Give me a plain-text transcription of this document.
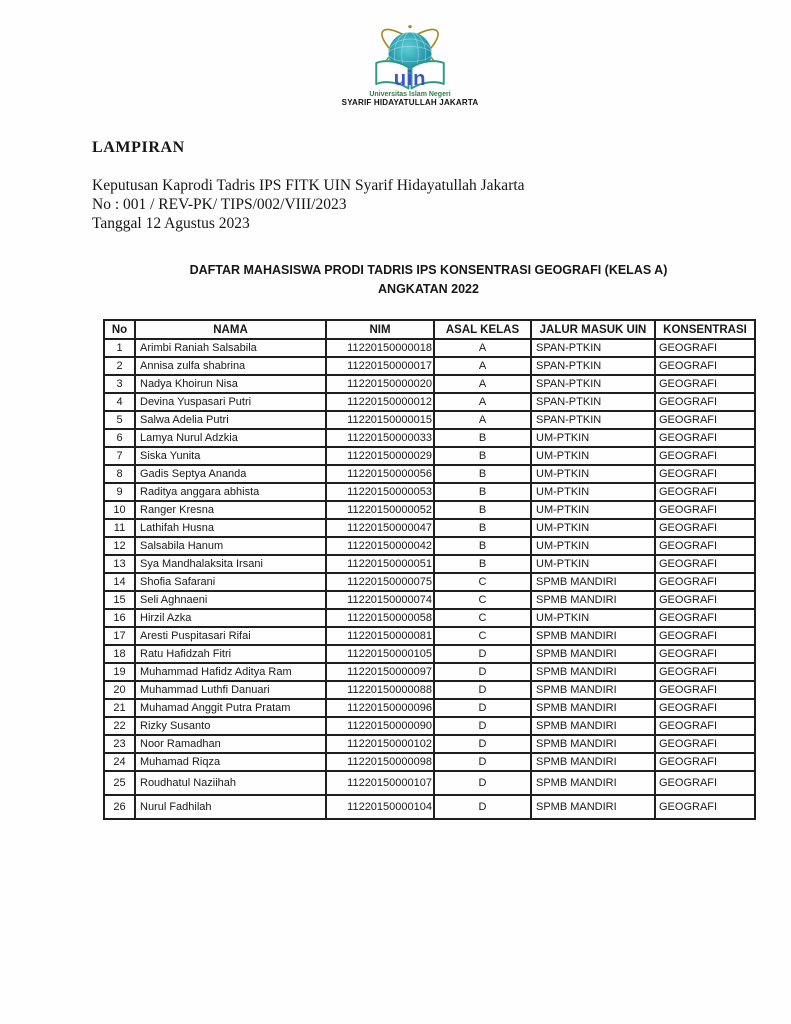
uin
Universitas Islam Negeri
SYARIF HIDAYATULLAH JAKARTA
LAMPIRAN
Keputusan Kaprodi Tadris IPS FITK UIN Syarif Hidayatullah Jakarta
No : 001 / REV-PK/ TIPS/002/VIII/2023
Tanggal 12 Agustus 2023
DAFTAR MAHASISWA PRODI TADRIS IPS KONSENTRASI GEOGRAFI (KELAS A)
ANGKATAN 2022
No	NAMA	NIM	ASAL KELAS	JALUR MASUK UIN	KONSENTRASI
1	Arimbi Raniah Salsabila	11220150000018	A	SPAN-PTKIN	GEOGRAFI
2	Annisa zulfa shabrina	11220150000017	A	SPAN-PTKIN	GEOGRAFI
3	Nadya Khoirun Nisa	11220150000020	A	SPAN-PTKIN	GEOGRAFI
4	Devina Yuspasari Putri	11220150000012	A	SPAN-PTKIN	GEOGRAFI
5	Salwa Adelia Putri	11220150000015	A	SPAN-PTKIN	GEOGRAFI
6	Lamya Nurul Adzkia	11220150000033	B	UM-PTKIN	GEOGRAFI
7	Siska Yunita	11220150000029	B	UM-PTKIN	GEOGRAFI
8	Gadis Septya Ananda	11220150000056	B	UM-PTKIN	GEOGRAFI
9	Raditya anggara abhista	11220150000053	B	UM-PTKIN	GEOGRAFI
10	Ranger Kresna	11220150000052	B	UM-PTKIN	GEOGRAFI
11	Lathifah Husna	11220150000047	B	UM-PTKIN	GEOGRAFI
12	Salsabila Hanum	11220150000042	B	UM-PTKIN	GEOGRAFI
13	Sya Mandhalaksita Irsani	11220150000051	B	UM-PTKIN	GEOGRAFI
14	Shofia Safarani	11220150000075	C	SPMB MANDIRI	GEOGRAFI
15	Seli Aghnaeni	11220150000074	C	SPMB MANDIRI	GEOGRAFI
16	Hirzil Azka	11220150000058	C	UM-PTKIN	GEOGRAFI
17	Aresti Puspitasari Rifai	11220150000081	C	SPMB MANDIRI	GEOGRAFI
18	Ratu Hafidzah Fitri	11220150000105	D	SPMB MANDIRI	GEOGRAFI
19	Muhammad Hafidz Aditya Ram	11220150000097	D	SPMB MANDIRI	GEOGRAFI
20	Muhammad Luthfi Danuari	11220150000088	D	SPMB MANDIRI	GEOGRAFI
21	Muhamad Anggit Putra Pratam	11220150000096	D	SPMB MANDIRI	GEOGRAFI
22	Rizky Susanto	11220150000090	D	SPMB MANDIRI	GEOGRAFI
23	Noor Ramadhan	11220150000102	D	SPMB MANDIRI	GEOGRAFI
24	Muhamad Riqza	11220150000098	D	SPMB MANDIRI	GEOGRAFI
25	Roudhatul Naziihah	11220150000107	D	SPMB MANDIRI	GEOGRAFI
26	Nurul Fadhilah	11220150000104	D	SPMB MANDIRI	GEOGRAFI
